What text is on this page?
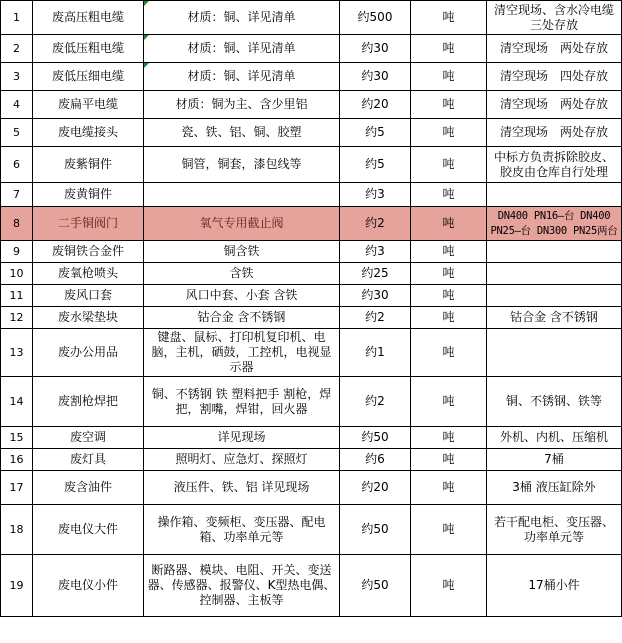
1	废高压粗电缆	材质：铜、详见清单	约500	吨	清空现场、含水冷电缆 三处存放
2	废低压粗电缆	材质：铜、详见清单	约30	吨	清空现场　两处存放
3	废低压细电缆	材质：铜、详见清单	约30	吨	清空现场　四处存放
4	废扁平电缆	材质：铜为主、含少里铝	约20	吨	清空现场　两处存放
5	废电缆接头	瓷、铁、铝、铜、胶塑	约5	吨	清空现场　两处存放
6	废紫铜件	铜管，铜套，漆包线等	约5	吨	中标方负责拆除胶皮、胶皮由仓库自行处理
7	废黄铜件		约3	吨	
8	二手铜阀门	氧气专用截止阀	约2	吨	DN400 PN16—台 DN400 PN25—台 DN300 PN25两台
9	废铜铁合金件	铜含铁	约3	吨	
10	废氧枪喷头	含铁	约25	吨	
11	废风口套	风口中套、小套 含铁	约30	吨	
12	废水梁垫块	钴合金 含不锈钢	约2	吨	钴合金 含不锈钢
13	废办公用品	键盘、鼠标、打印机复印机、电脑，主机，硒鼓，工控机，电视显示器	约1	吨	
14	废割枪焊把	铜、不锈钢 铁 塑料把手 割枪，焊把，割嘴，焊钳，回火器	约2	吨	铜、不锈钢、铁等
15	废空调	详见现场	约50	吨	外机、内机、压缩机
16	废灯具	照明灯、应急灯、探照灯	约6	吨	7桶
17	废含油件	液压件、铁、铝 详见现场	约20	吨	3桶 液压缸除外
18	废电仪大件	操作箱、变频柜、变压器、配电箱、功率单元等	约50	吨	若干配电柜、变压器、功率单元等
19	废电仪小件	断路器、模块、电阻、开关、变送器、传感器、报警仪、K型热电偶、控制器、主板等	约50	吨	17桶小件
